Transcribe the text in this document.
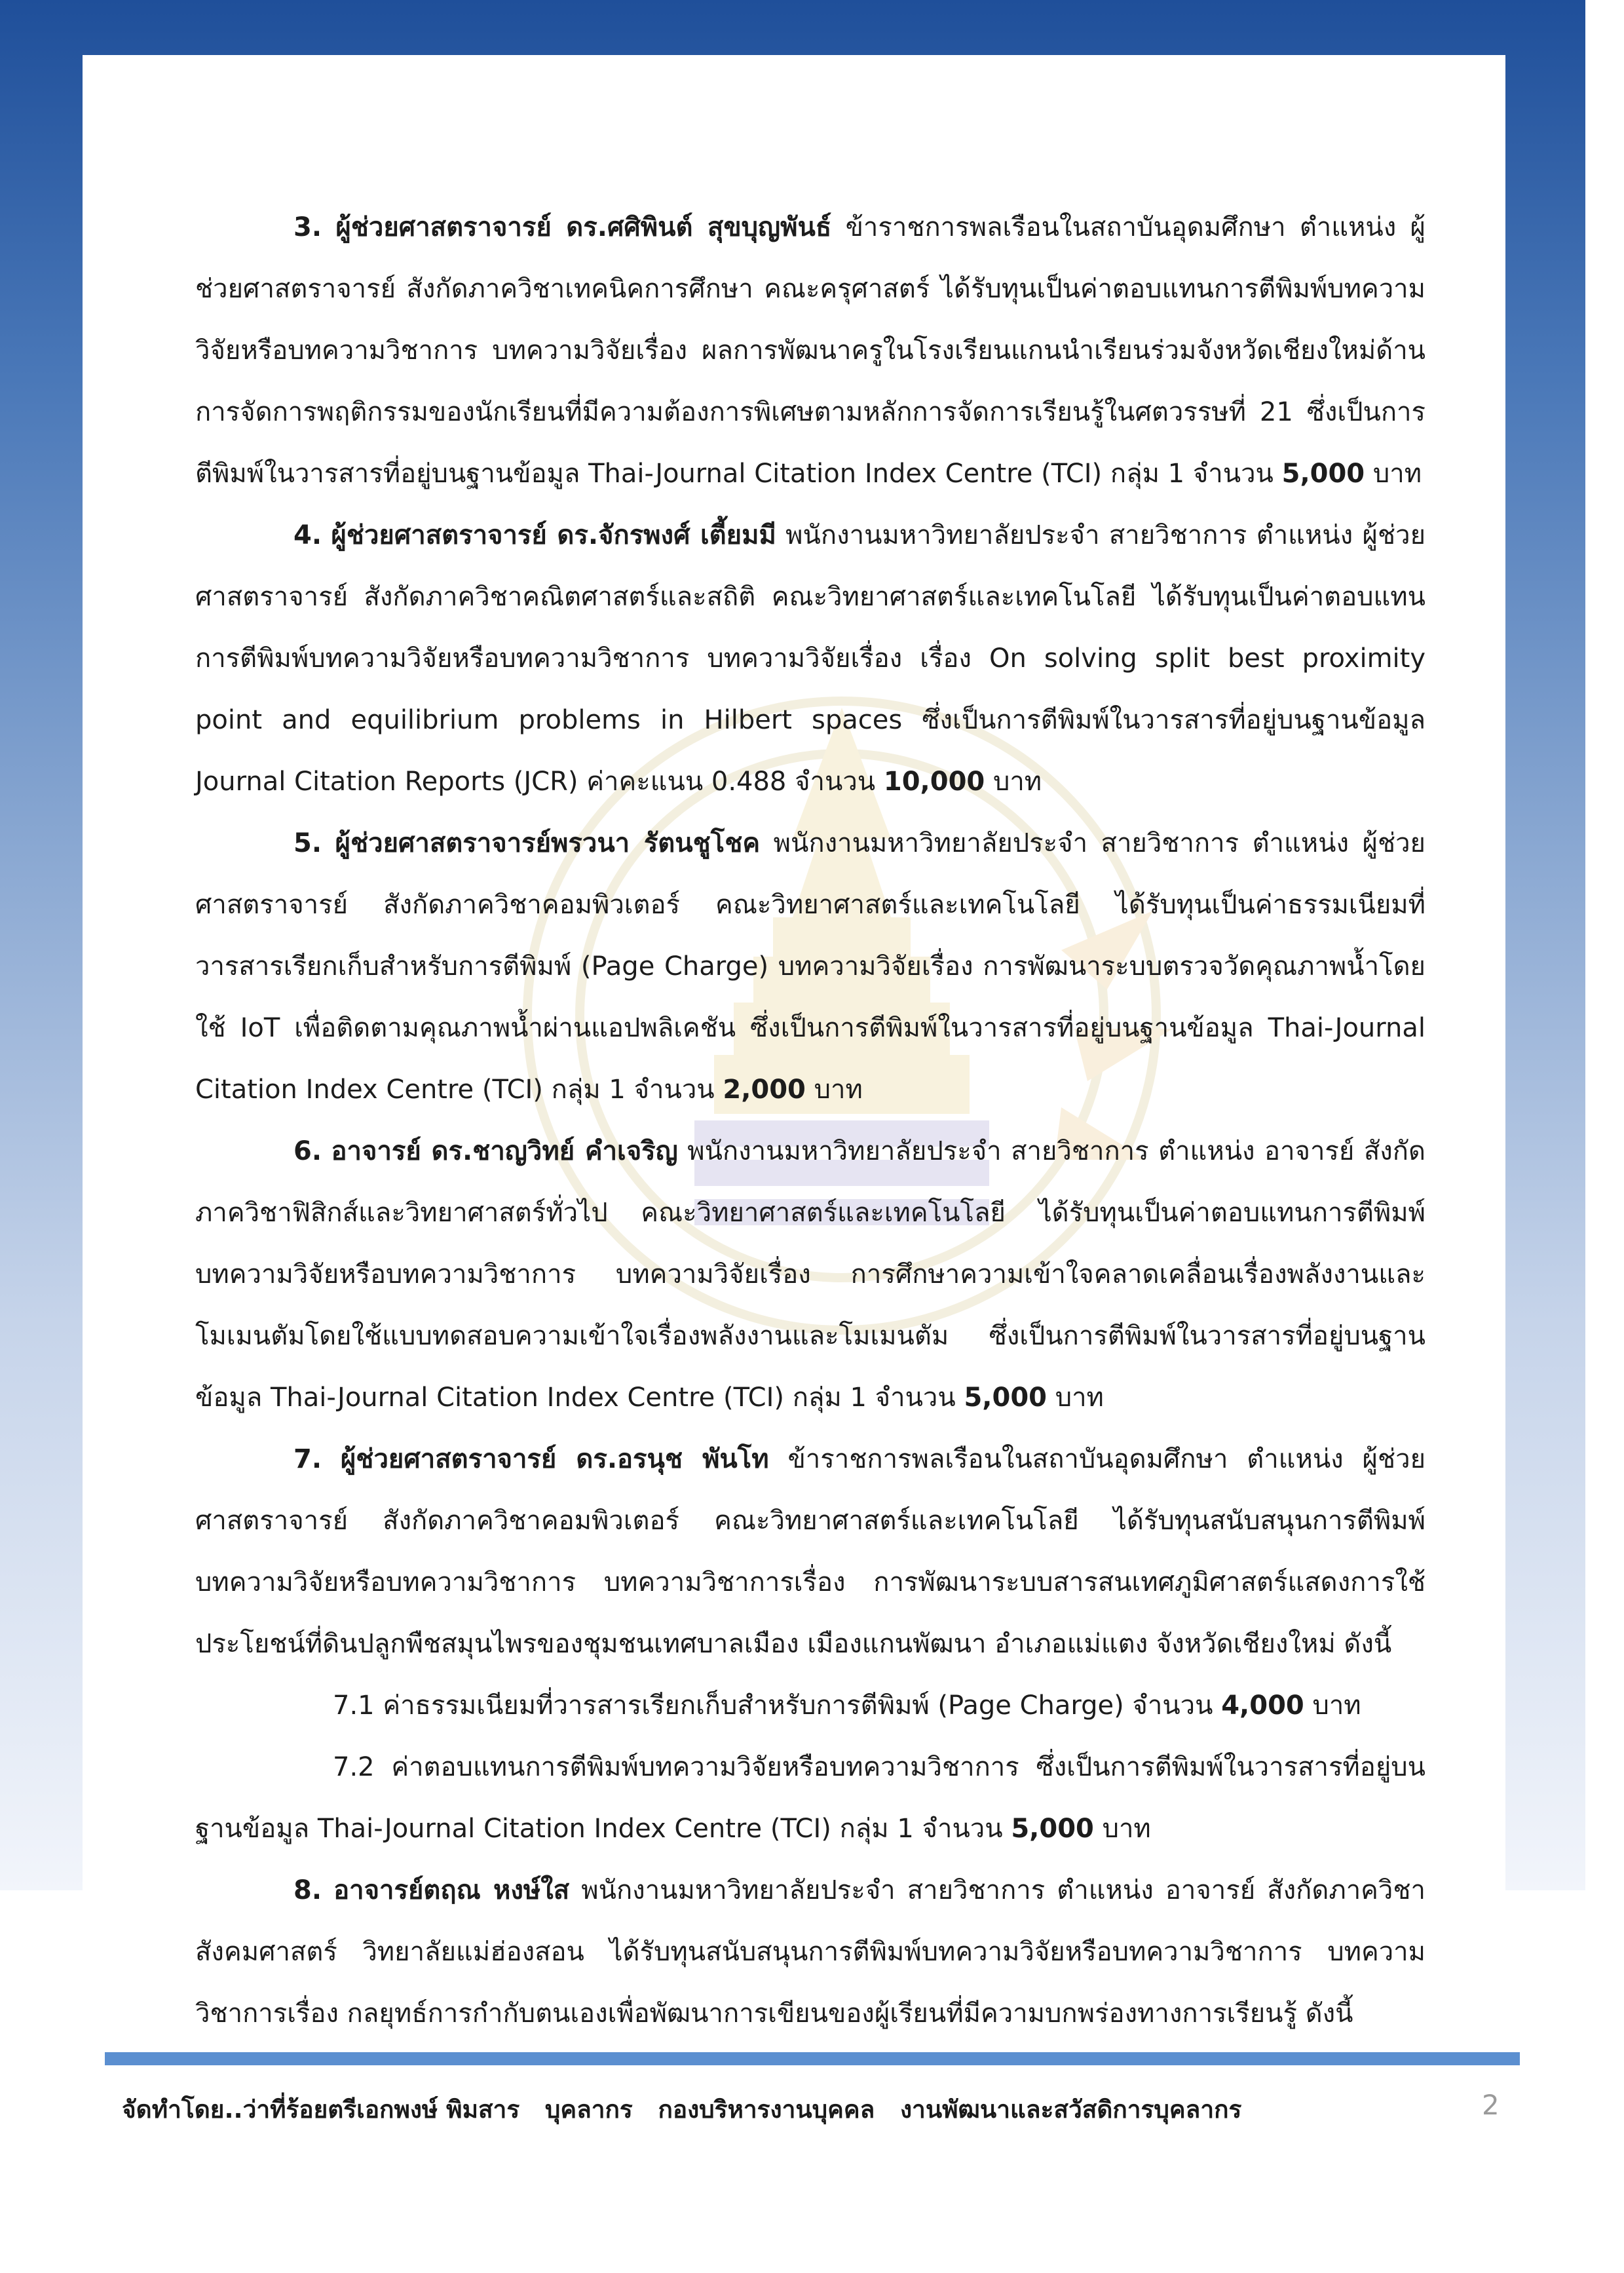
3. ผู้ช่วยศาสตราจารย์ ดร.ศศิพินต์ สุขบุญพันธ์ ข้าราชการพลเรือนในสถาบันอุดมศึกษา ตำแหน่ง ผู้ช่วยศาสตราจารย์ สังกัดภาควิชาเทคนิคการศึกษา คณะครุศาสตร์ ได้รับทุนเป็นค่าตอบแทนการตีพิมพ์บทความวิจัยหรือบทความวิชาการ บทความวิจัยเรื่อง ผลการพัฒนาครูในโรงเรียนแกนนำเรียนร่วมจังหวัดเชียงใหม่ด้านการจัดการพฤติกรรมของนักเรียนที่มีความต้องการพิเศษตามหลักการจัดการเรียนรู้ในศตวรรษที่ 21 ซึ่งเป็นการตีพิมพ์ในวารสารที่อยู่บนฐานข้อมูล Thai-Journal Citation Index Centre (TCI) กลุ่ม 1 จำนวน 5,000 บาท

4. ผู้ช่วยศาสตราจารย์ ดร.จักรพงศ์ เตี้ยมมี พนักงานมหาวิทยาลัยประจำ สายวิชาการ ตำแหน่ง ผู้ช่วยศาสตราจารย์ สังกัดภาควิชาคณิตศาสตร์และสถิติ คณะวิทยาศาสตร์และเทคโนโลยี ได้รับทุนเป็นค่าตอบแทนการตีพิมพ์บทความวิจัยหรือบทความวิชาการ บทความวิจัยเรื่อง เรื่อง On solving split best proximity point and equilibrium problems in Hilbert spaces ซึ่งเป็นการตีพิมพ์ในวารสารที่อยู่บนฐานข้อมูล Journal Citation Reports (JCR) ค่าคะแนน 0.488 จำนวน 10,000 บาท

5. ผู้ช่วยศาสตราจารย์พรวนา รัตนชูโชค พนักงานมหาวิทยาลัยประจำ สายวิชาการ ตำแหน่ง ผู้ช่วยศาสตราจารย์ สังกัดภาควิชาคอมพิวเตอร์ คณะวิทยาศาสตร์และเทคโนโลยี ได้รับทุนเป็นค่าธรรมเนียมที่วารสารเรียกเก็บสำหรับการตีพิมพ์ (Page Charge) บทความวิจัยเรื่อง การพัฒนาระบบตรวจวัดคุณภาพน้ำโดยใช้ IoT เพื่อติดตามคุณภาพน้ำผ่านแอปพลิเคชัน ซึ่งเป็นการตีพิมพ์ในวารสารที่อยู่บนฐานข้อมูล Thai-Journal Citation Index Centre (TCI) กลุ่ม 1 จำนวน 2,000 บาท

6. อาจารย์ ดร.ชาญวิทย์ คำเจริญ พนักงานมหาวิทยาลัยประจำ สายวิชาการ ตำแหน่ง อาจารย์ สังกัดภาควิชาฟิสิกส์และวิทยาศาสตร์ทั่วไป คณะวิทยาศาสตร์และเทคโนโลยี ได้รับทุนเป็นค่าตอบแทนการตีพิมพ์บทความวิจัยหรือบทความวิชาการ บทความวิจัยเรื่อง การศึกษาความเข้าใจคลาดเคลื่อนเรื่องพลังงานและโมเมนตัมโดยใช้แบบทดสอบความเข้าใจเรื่องพลังงานและโมเมนตัม ซึ่งเป็นการตีพิมพ์ในวารสารที่อยู่บนฐานข้อมูล Thai-Journal Citation Index Centre (TCI) กลุ่ม 1 จำนวน 5,000 บาท

7. ผู้ช่วยศาสตราจารย์ ดร.อรนุช พันโท ข้าราชการพลเรือนในสถาบันอุดมศึกษา ตำแหน่ง ผู้ช่วยศาสตราจารย์ สังกัดภาควิชาคอมพิวเตอร์ คณะวิทยาศาสตร์และเทคโนโลยี ได้รับทุนสนับสนุนการตีพิมพ์บทความวิจัยหรือบทความวิชาการ บทความวิชาการเรื่อง การพัฒนาระบบสารสนเทศภูมิศาสตร์แสดงการใช้ประโยชน์ที่ดินปลูกพืชสมุนไพรของชุมชนเทศบาลเมือง เมืองแกนพัฒนา อำเภอแม่แตง จังหวัดเชียงใหม่ ดังนี้

7.1 ค่าธรรมเนียมที่วารสารเรียกเก็บสำหรับการตีพิมพ์ (Page Charge) จำนวน 4,000 บาท

7.2 ค่าตอบแทนการตีพิมพ์บทความวิจัยหรือบทความวิชาการ ซึ่งเป็นการตีพิมพ์ในวารสารที่อยู่บนฐานข้อมูล Thai-Journal Citation Index Centre (TCI) กลุ่ม 1 จำนวน 5,000 บาท

8. อาจารย์ตฤณ หงษ์ใส พนักงานมหาวิทยาลัยประจำ สายวิชาการ ตำแหน่ง อาจารย์ สังกัดภาควิชาสังคมศาสตร์ วิทยาลัยแม่ฮ่องสอน ได้รับทุนสนับสนุนการตีพิมพ์บทความวิจัยหรือบทความวิชาการ บทความวิชาการเรื่อง กลยุทธ์การกำกับตนเองเพื่อพัฒนาการเขียนของผู้เรียนที่มีความบกพร่องทางการเรียนรู้ ดังนี้

จัดทำโดย..ว่าที่ร้อยตรีเอกพงษ์ พิมสาร   บุคลากร   กองบริหารงานบุคคล   งานพัฒนาและสวัสดิการบุคลากร	2
